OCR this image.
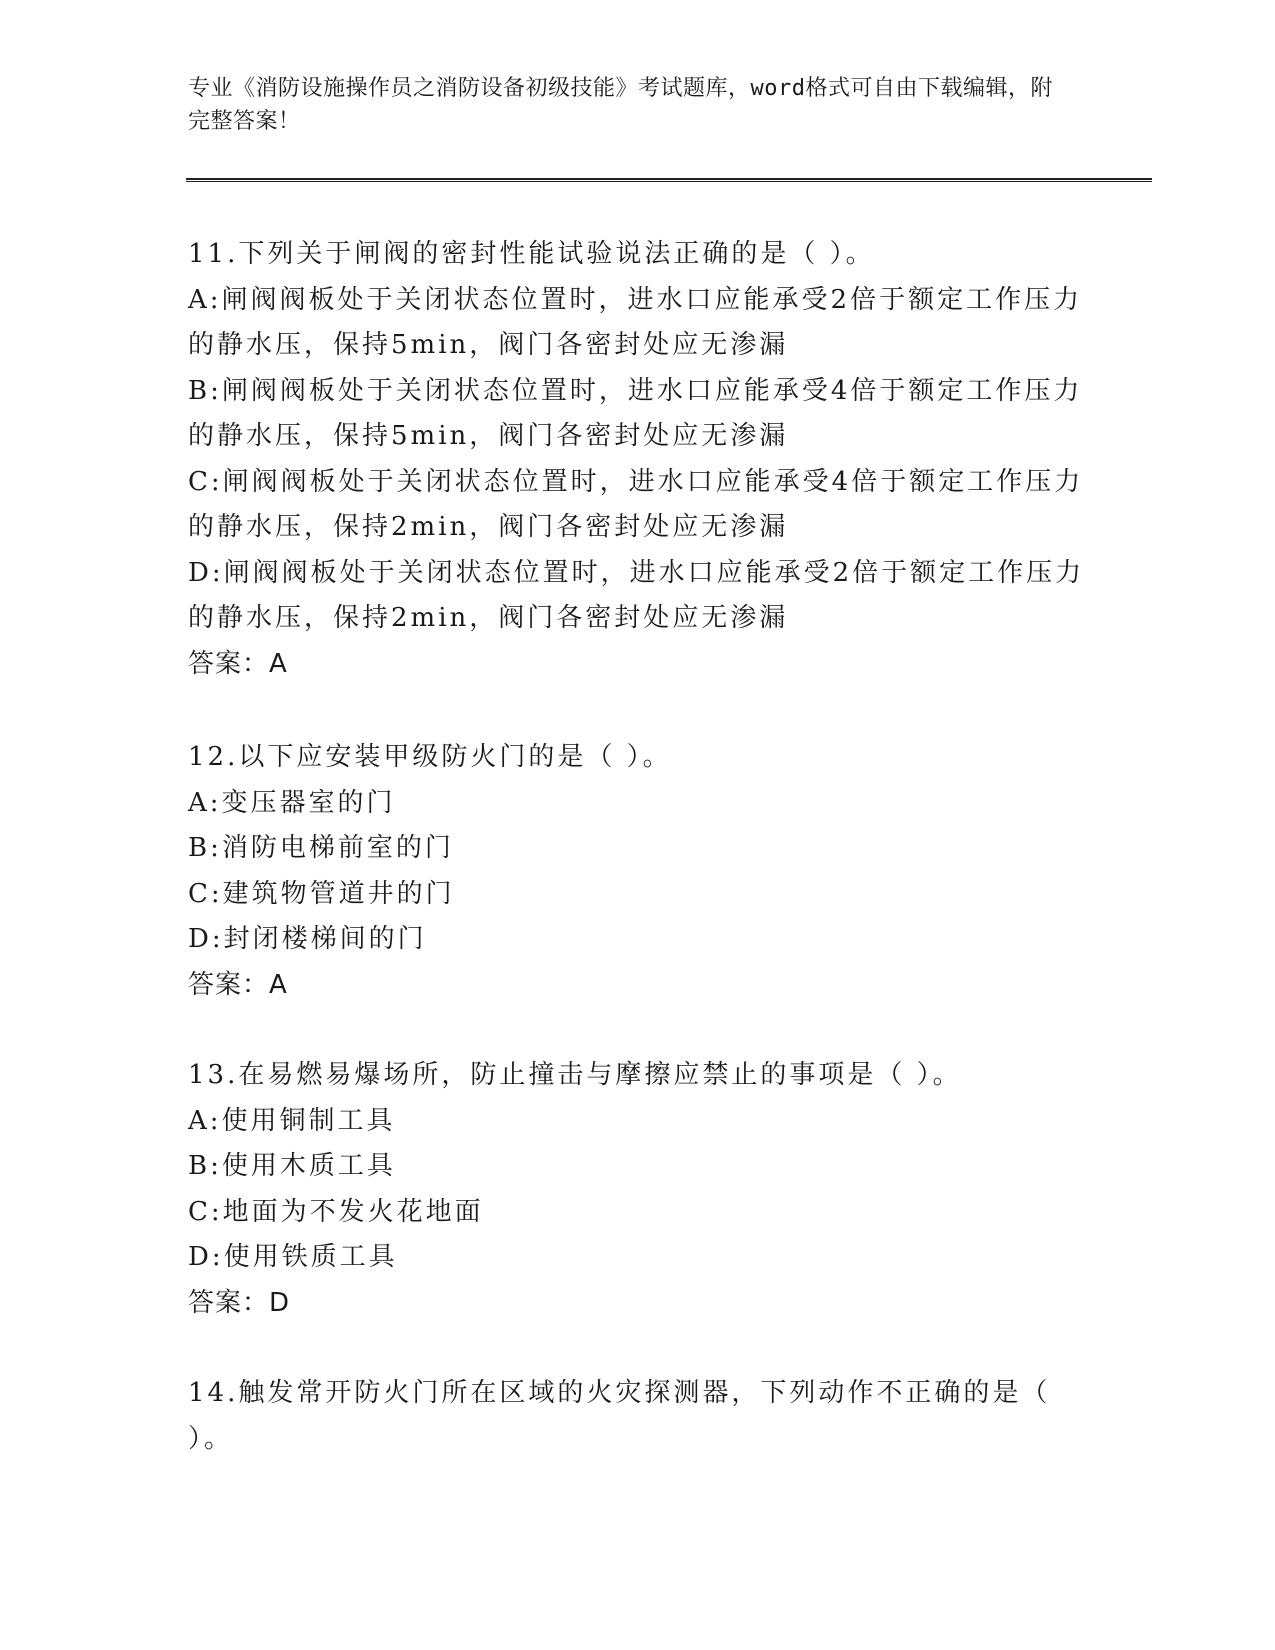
专业《消防设施操作员之消防设备初级技能》考试题库，word格式可自由下载编辑，附完整答案！
11.下列关于闸阀的密封性能试验说法正确的是（ ）。
A:闸阀阀板处于关闭状态位置时，进水口应能承受2倍于额定工作压力的静水压，保持5min，阀门各密封处应无渗漏
B:闸阀阀板处于关闭状态位置时，进水口应能承受4倍于额定工作压力的静水压，保持5min，阀门各密封处应无渗漏
C:闸阀阀板处于关闭状态位置时，进水口应能承受4倍于额定工作压力的静水压，保持2min，阀门各密封处应无渗漏
D:闸阀阀板处于关闭状态位置时，进水口应能承受2倍于额定工作压力的静水压，保持2min，阀门各密封处应无渗漏
答案：A
12.以下应安装甲级防火门的是（ ）。
A:变压器室的门
B:消防电梯前室的门
C:建筑物管道井的门
D:封闭楼梯间的门
答案：A
13.在易燃易爆场所，防止撞击与摩擦应禁止的事项是（ ）。
A:使用铜制工具
B:使用木质工具
C:地面为不发火花地面
D:使用铁质工具
答案：D
14.触发常开防火门所在区域的火灾探测器，下列动作不正确的是（ ）。
